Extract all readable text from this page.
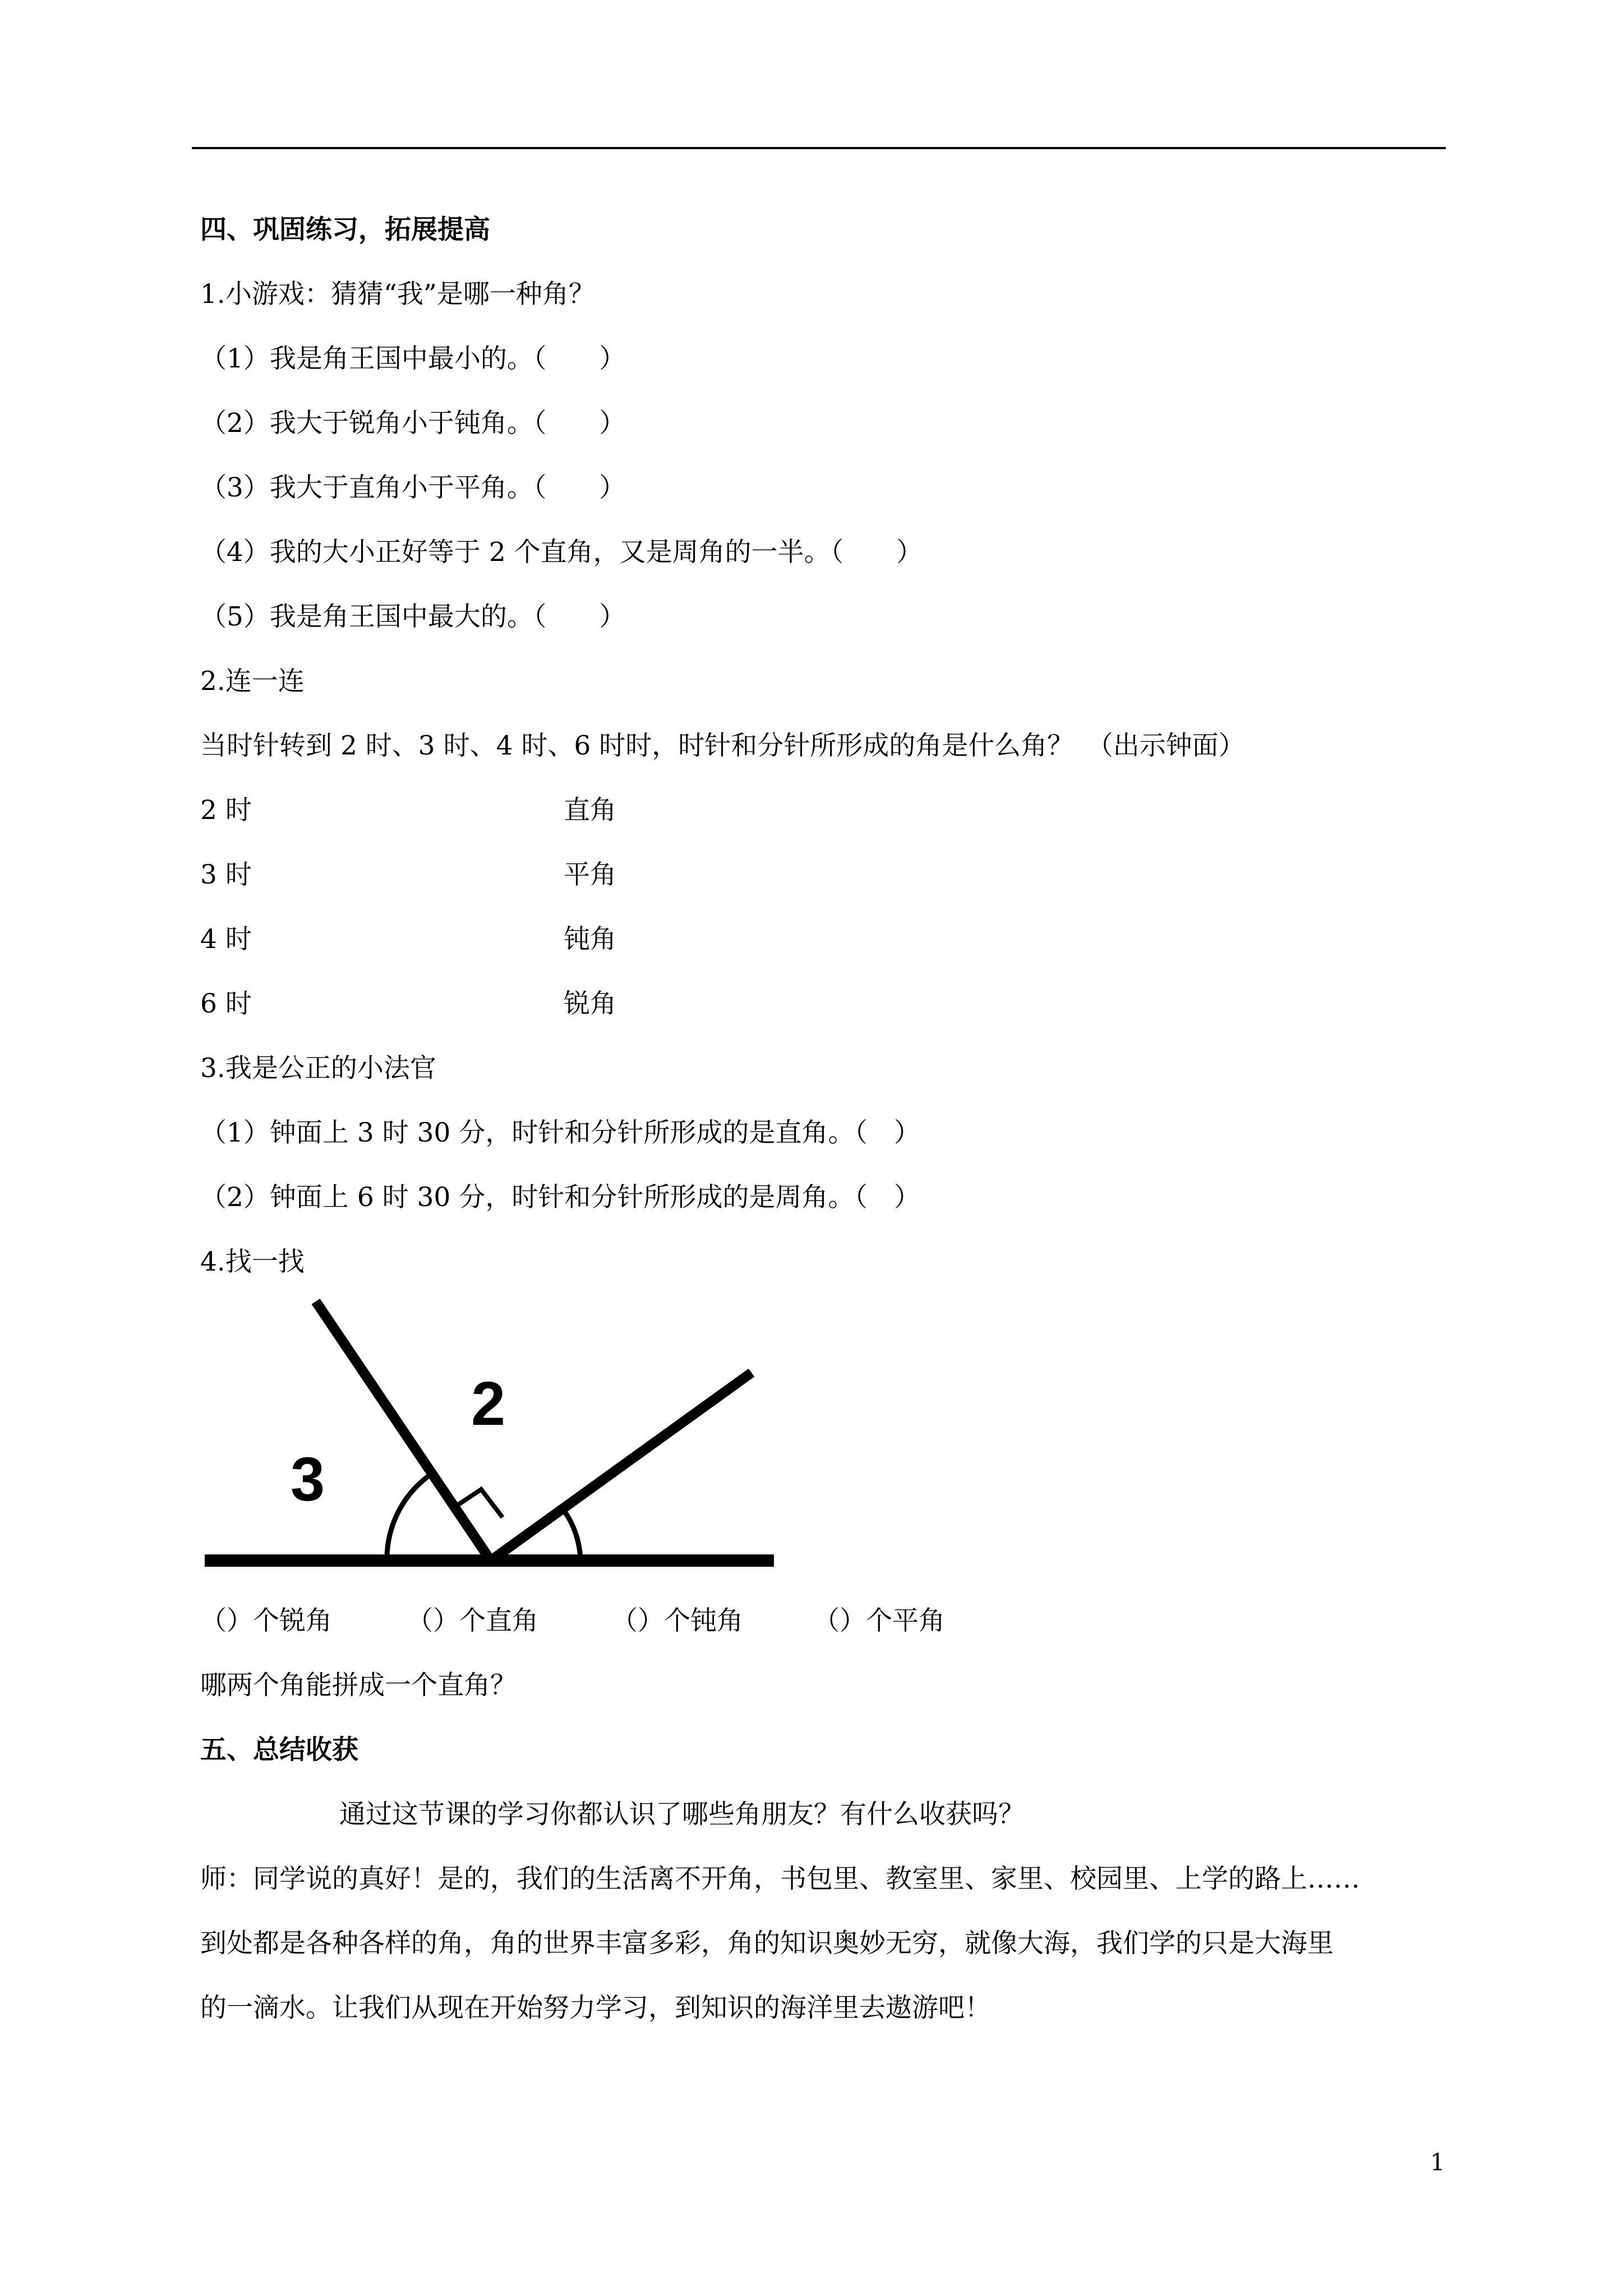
四、巩固练习，拓展提高
1.小游戏：猜猜“我”是哪一种角？
（1）我是角王国中最小的。（　　）
（2）我大于锐角小于钝角。（　　）
（3）我大于直角小于平角。（　　）
（4）我的大小正好等于 2 个直角，又是周角的一半。（　　）
（5）我是角王国中最大的。（　　）
2.连一连
当时针转到 2 时、3 时、4 时、6 时时，时针和分针所形成的角是什么角？　（出示钟面）
2 时	直角
3 时	平角
4 时	钝角
6 时	锐角
3.我是公正的小法官
（1）钟面上 3 时 30 分，时针和分针所形成的是直角。（　）
（2）钟面上 6 时 30 分，时针和分针所形成的是周角。（　）
4.找一找
2
3
（）个锐角	（）个直角	（）个钝角	（）个平角
哪两个角能拼成一个直角？
五、总结收获
通过这节课的学习你都认识了哪些角朋友？有什么收获吗？
师：同学说的真好！是的，我们的生活离不开角，书包里、教室里、家里、校园里、上学的路上……
到处都是各种各样的角，角的世界丰富多彩，角的知识奥妙无穷，就像大海，我们学的只是大海里
的一滴水。让我们从现在开始努力学习，到知识的海洋里去遨游吧！
1
